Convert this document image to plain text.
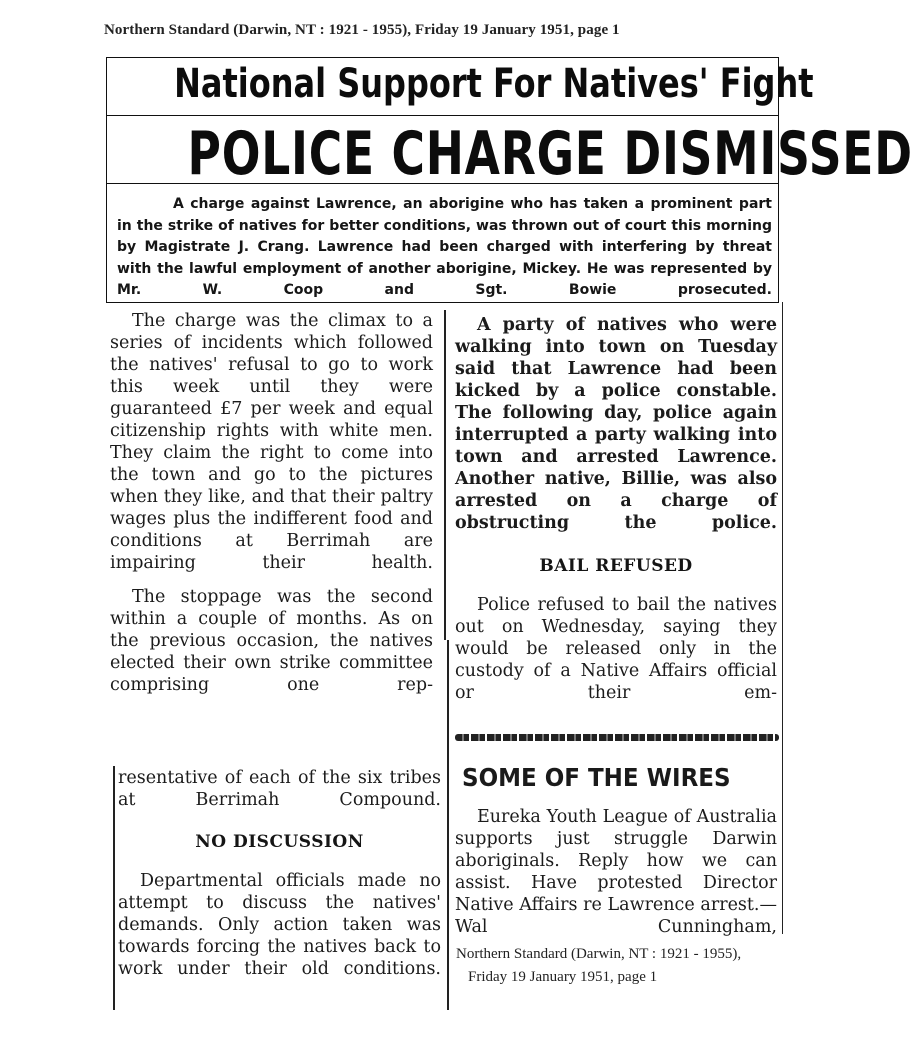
Northern Standard (Darwin, NT : 1921 - 1955), Friday 19 January 1951, page 1
National Support For Natives' Fight
POLICE CHARGE DISMISSED
A charge against Lawrence, an aborigine who has taken a prominent part in the strike of natives for better conditions, was thrown out of court this morning by Magistrate J. Crang. Lawrence had been charged with interfering by threat with the lawful employment of another aborigine, Mickey. He was represented by Mr. W. Coop and Sgt. Bowie prosecuted.

The charge was the climax to a series of incidents which followed the natives' refusal to go to work this week until they were guaranteed £7 per week and equal citizenship rights with white men. They claim the right to come into the town and go to the pictures when they like, and that their paltry wages plus the indifferent food and conditions at Berrimah are impairing their health.

The stoppage was the second within a couple of months. As on the previous occasion, the natives elected their own strike committee comprising one rep-

resentative of each of the six tribes at Berrimah Compound.

NO DISCUSSION

Departmental officials made no attempt to discuss the natives' demands. Only action taken was towards forcing the natives back to work under their old conditions.

A party of natives who were walking into town on Tuesday said that Lawrence had been kicked by a police constable. The following day, police again interrupted a party walking into town and arrested Lawrence. Another native, Billie, was also arrested on a charge of obstructing the police.

BAIL REFUSED

Police refused to bail the natives out on Wednesday, saying they would be released only in the custody of a Native Affairs official or their em-

SOME OF THE WIRES

Eureka Youth League of Australia supports just struggle Darwin aboriginals. Reply how we can assist. Have protested Director Native Affairs re Lawrence arrest.—Wal Cunningham,

Northern Standard (Darwin, NT : 1921 - 1955),
Friday 19 January 1951, page 1
